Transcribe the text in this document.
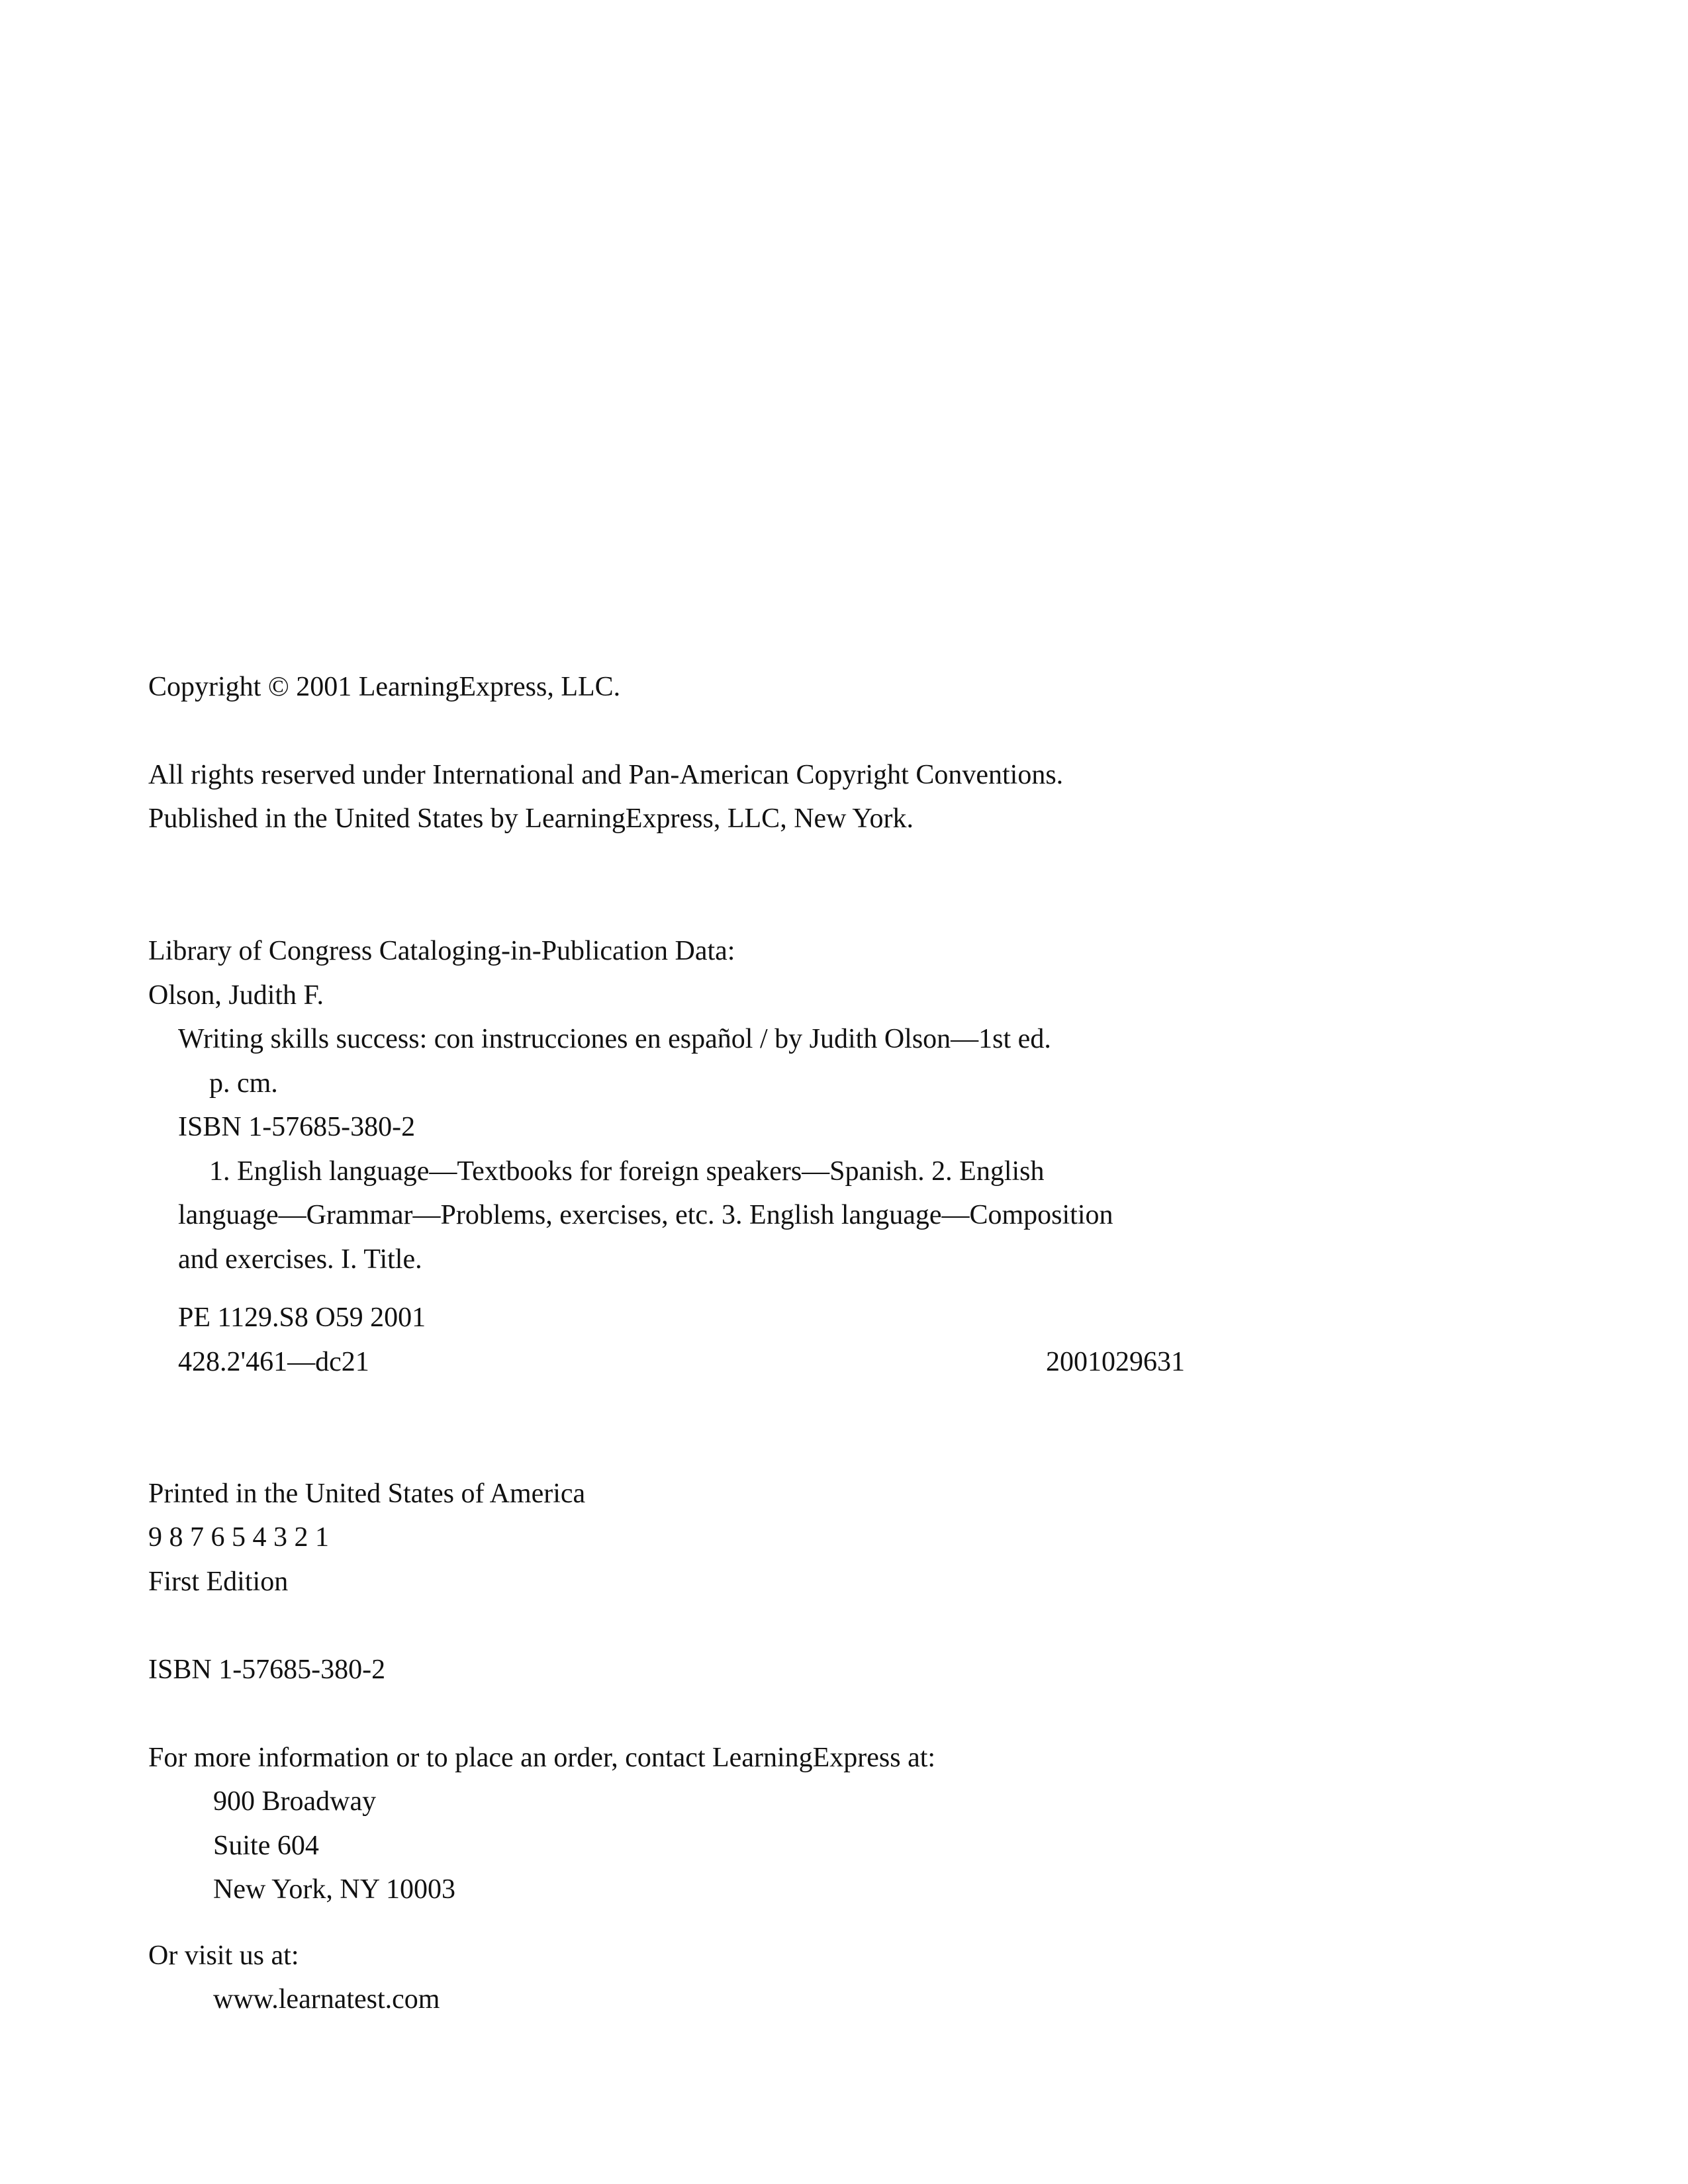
Copyright © 2001 LearningExpress, LLC.
All rights reserved under International and Pan-American Copyright Conventions.
Published in the United States by LearningExpress, LLC, New York.
Library of Congress Cataloging-in-Publication Data:
Olson, Judith F.
Writing skills success: con instrucciones en español / by Judith Olson—1st ed.
p. cm.
ISBN 1-57685-380-2
1. English language—Textbooks for foreign speakers—Spanish. 2. English
language—Grammar—Problems, exercises, etc. 3. English language—Composition
and exercises. I. Title.
PE 1129.S8 O59 2001
428.2'461—dc21	2001029631
Printed in the United States of America
9 8 7 6 5 4 3 2 1
First Edition
ISBN 1-57685-380-2
For more information or to place an order, contact LearningExpress at:
900 Broadway
Suite 604
New York, NY 10003
Or visit us at:
www.learnatest.com
